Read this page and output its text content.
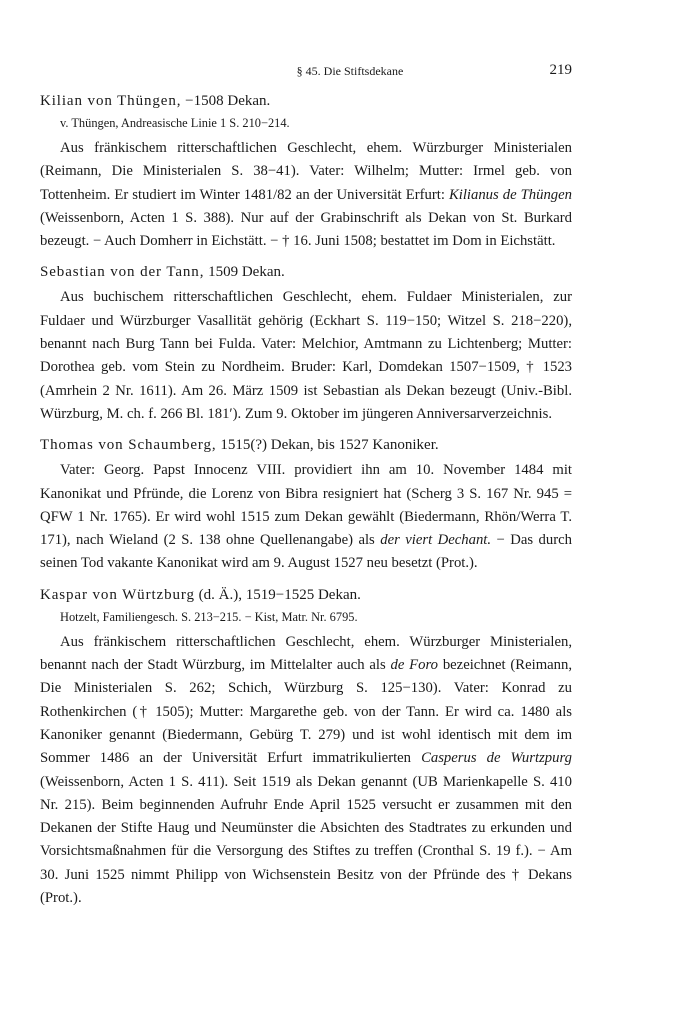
§ 45. Die Stiftsdekane	219
Kilian von Thüngen, −1508 Dekan.
v. Thüngen, Andreasische Linie 1 S. 210−214.

Aus fränkischem ritterschaftlichen Geschlecht, ehem. Würzburger Ministerialen (Reimann, Die Ministerialen S. 38−41). Vater: Wilhelm; Mutter: Irmel geb. von Tottenheim. Er studiert im Winter 1481/82 an der Universität Erfurt: Kilianus de Thüngen (Weissenborn, Acten 1 S. 388). Nur auf der Grabinschrift als Dekan von St. Burkard bezeugt. − Auch Domherr in Eichstätt. − † 16. Juni 1508; bestattet im Dom in Eichstätt.

Sebastian von der Tann, 1509 Dekan.

Aus buchischem ritterschaftlichen Geschlecht, ehem. Fuldaer Ministerialen, zur Fuldaer und Würzburger Vasallität gehörig (Eckhart S. 119−150; Witzel S. 218−220), benannt nach Burg Tann bei Fulda. Vater: Melchior, Amtmann zu Lichtenberg; Mutter: Dorothea geb. vom Stein zu Nordheim. Bruder: Karl, Domdekan 1507−1509, † 1523 (Amrhein 2 Nr. 1611). Am 26. März 1509 ist Sebastian als Dekan bezeugt (Univ.-Bibl. Würzburg, M. ch. f. 266 Bl. 181′). Zum 9. Oktober im jüngeren Anniversarverzeichnis.

Thomas von Schaumberg, 1515(?) Dekan, bis 1527 Kanoniker.

Vater: Georg. Papst Innocenz VIII. providiert ihn am 10. November 1484 mit Kanonikat und Pfründe, die Lorenz von Bibra resigniert hat (Scherg 3 S. 167 Nr. 945 = QFW 1 Nr. 1765). Er wird wohl 1515 zum Dekan gewählt (Biedermann, Rhön/Werra T. 171), nach Wieland (2 S. 138 ohne Quellenangabe) als der viert Dechant. − Das durch seinen Tod vakante Kanonikat wird am 9. August 1527 neu besetzt (Prot.).

Kaspar von Würtzburg (d. Ä.), 1519−1525 Dekan.
Hotzelt, Familiengesch. S. 213−215. − Kist, Matr. Nr. 6795.

Aus fränkischem ritterschaftlichen Geschlecht, ehem. Würzburger Ministerialen, benannt nach der Stadt Würzburg, im Mittelalter auch als de Foro bezeichnet (Reimann, Die Ministerialen S. 262; Schich, Würzburg S. 125−130). Vater: Konrad zu Rothenkirchen († 1505); Mutter: Margarethe geb. von der Tann. Er wird ca. 1480 als Kanoniker genannt (Biedermann, Gebürg T. 279) und ist wohl identisch mit dem im Sommer 1486 an der Universität Erfurt immatrikulierten Casperus de Wurtzpurg (Weissenborn, Acten 1 S. 411). Seit 1519 als Dekan genannt (UB Marienkapelle S. 410 Nr. 215). Beim beginnenden Aufruhr Ende April 1525 versucht er zusammen mit den Dekanen der Stifte Haug und Neumünster die Absichten des Stadtrates zu erkunden und Vorsichtsmaßnahmen für die Versorgung des Stiftes zu treffen (Cronthal S. 19 f.). − Am 30. Juni 1525 nimmt Philipp von Wichsenstein Besitz von der Pfründe des † Dekans (Prot.).
